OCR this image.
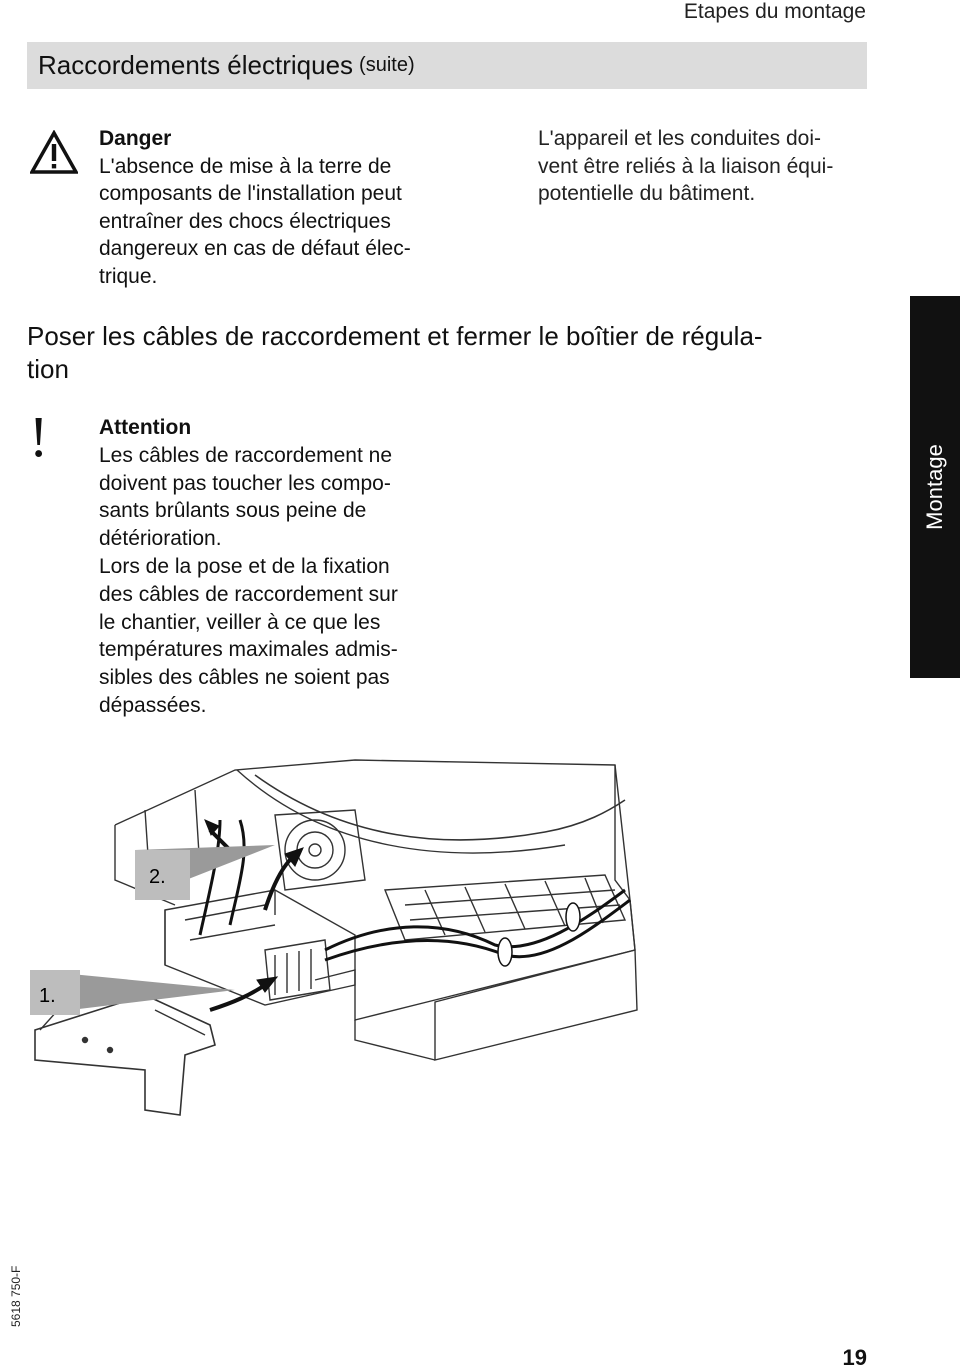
Etapes du montage
Raccordements électriques (suite)
Danger
L'absence de mise à la terre de
composants de l'installation peut
entraîner des chocs électriques
dangereux en cas de défaut élec-
trique.
L'appareil et les conduites doi-
vent être reliés à la liaison équi-
potentielle du bâtiment.
Poser les câbles de raccordement et fermer le boîtier de régula-
tion
! Attention
Les câbles de raccordement ne
doivent pas toucher les compo-
sants brûlants sous peine de
détérioration.
Lors de la pose et de la fixation
des câbles de raccordement sur
le chantier, veiller à ce que les
températures maximales admis-
sibles des câbles ne soient pas
dépassées.
Montage
1.
2.
5618 750-F
19
